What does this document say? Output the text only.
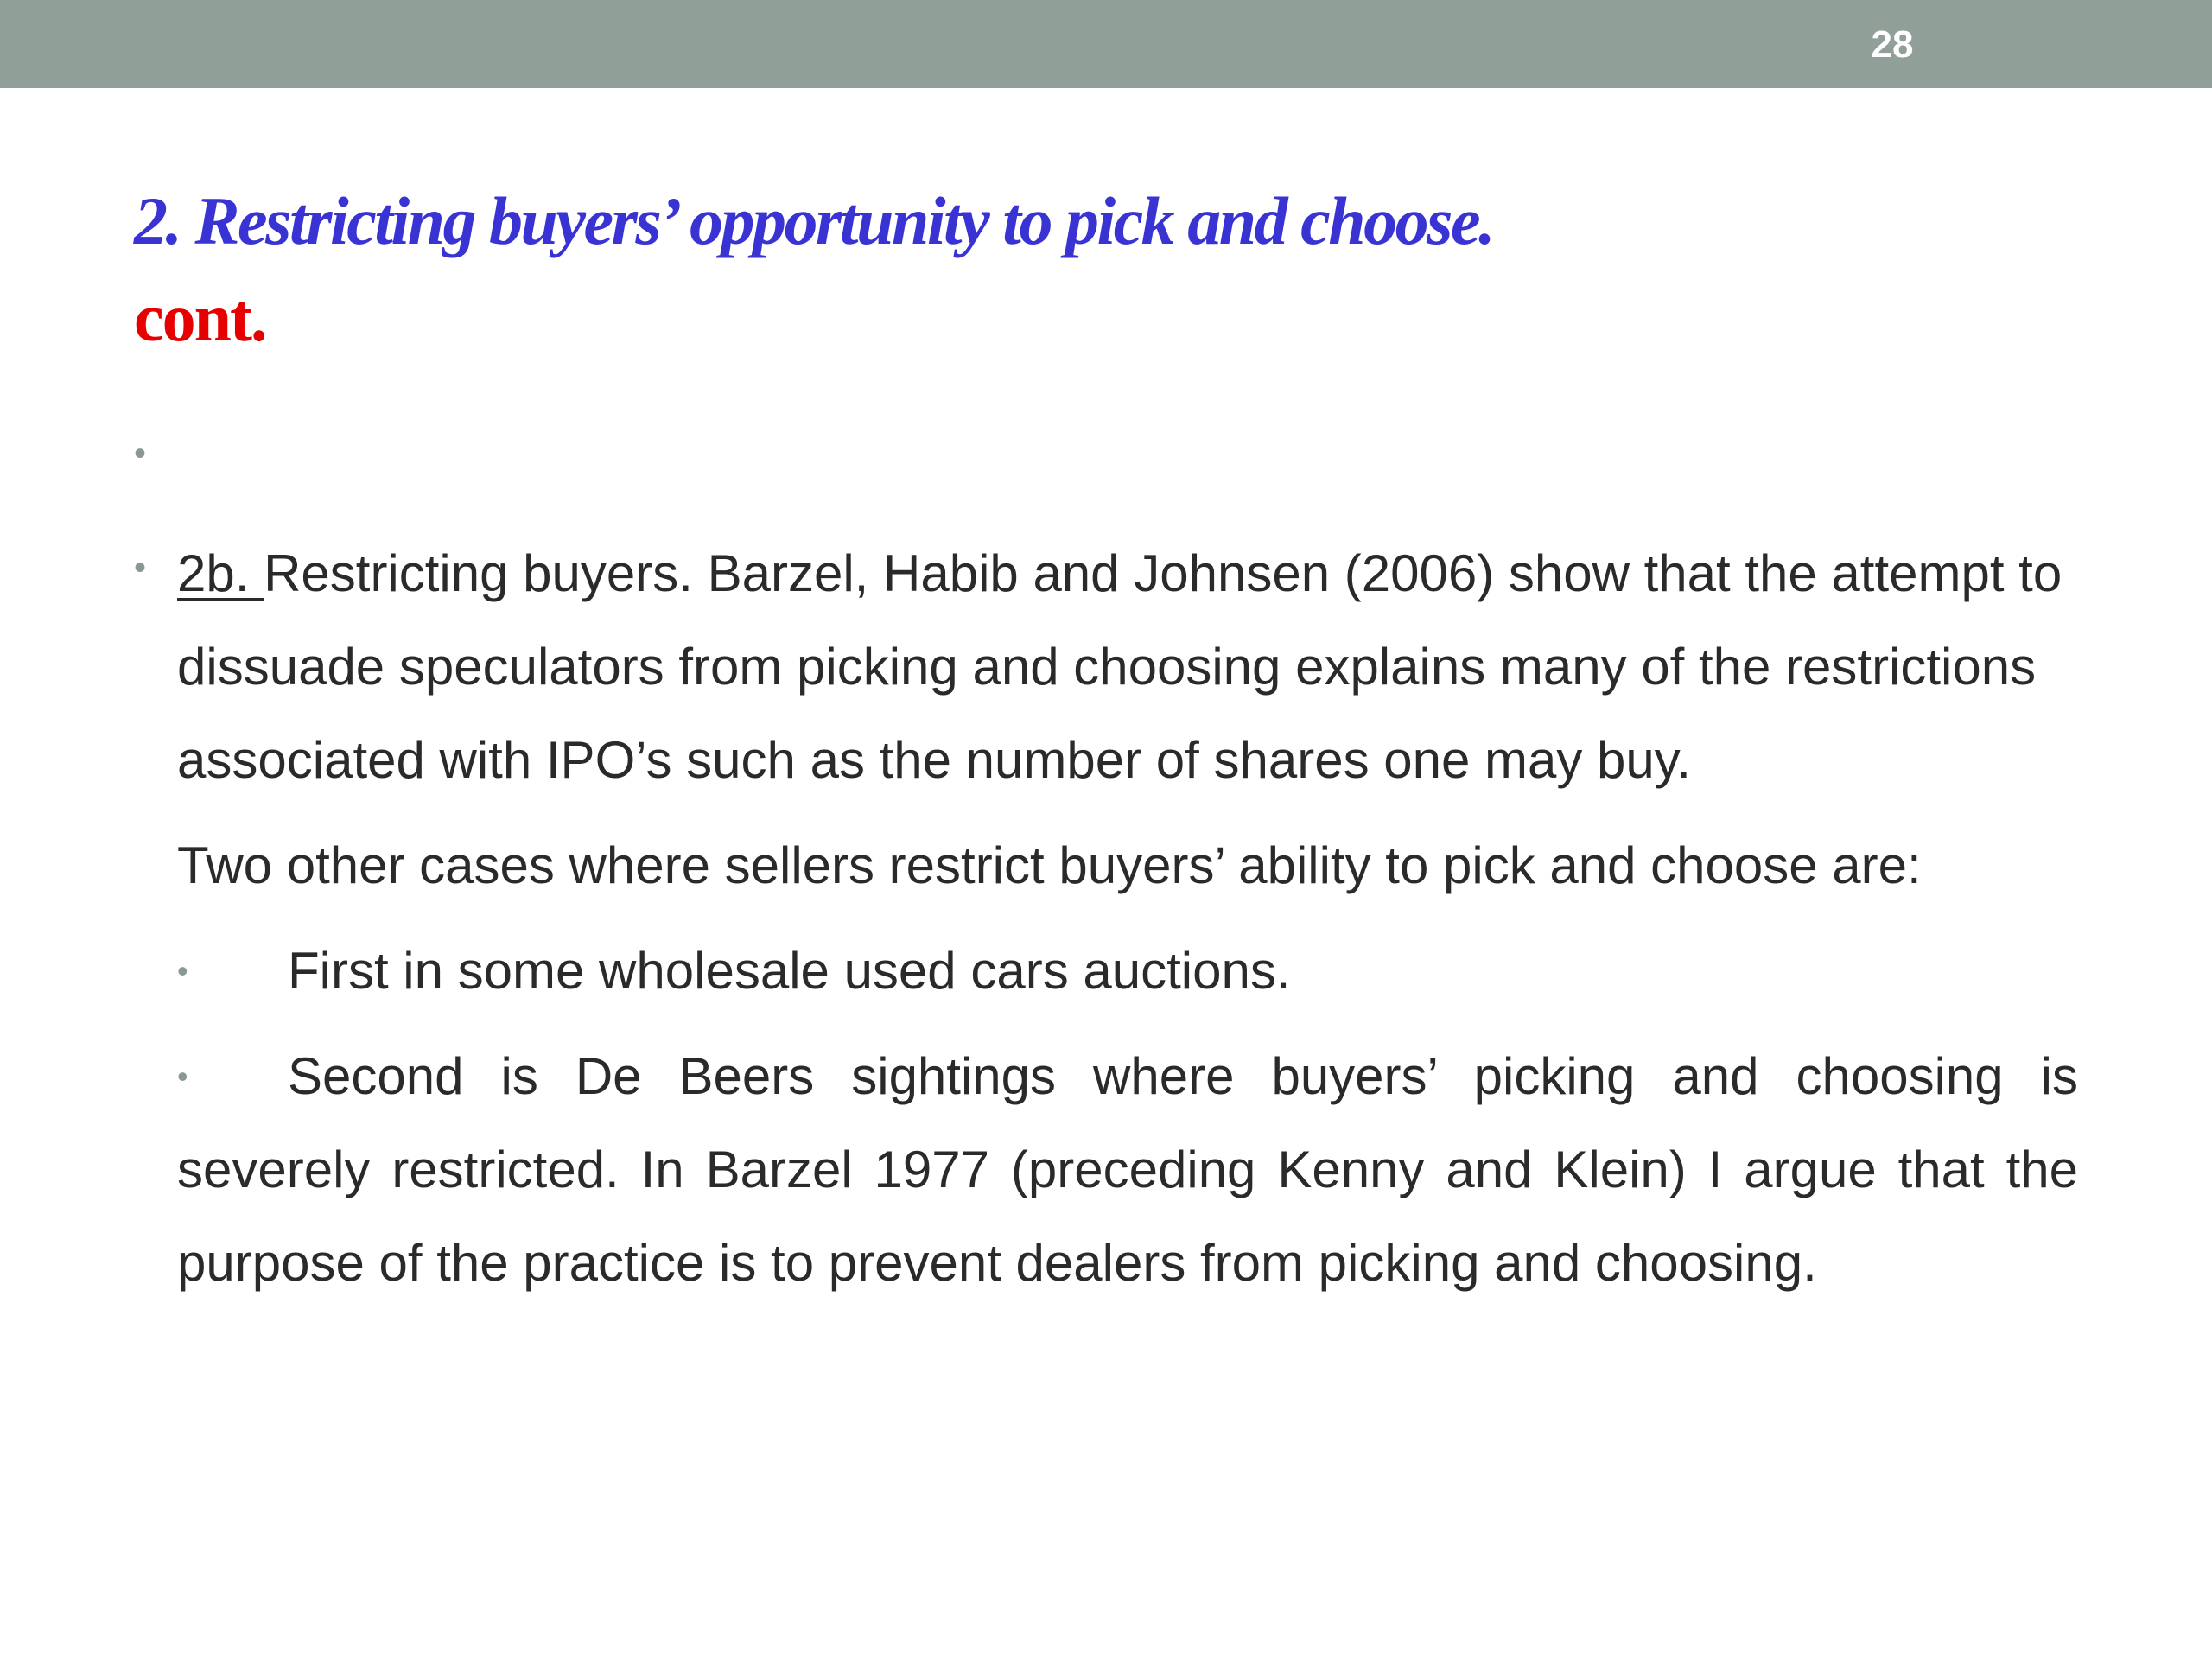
28
2. Restricting buyers’ opportunity to pick and choose.
cont.
•
• 2b. Restricting buyers. Barzel, Habib and Johnsen (2006) show that the attempt to dissuade speculators from picking and choosing explains many of the restrictions associated with IPO’s such as the number of shares one may buy.

Two other cases where sellers restrict buyers’ ability to pick and choose are:

• First in some wholesale used cars auctions.
•	Second is De Beers sightings where buyers’ picking and choosing is
severely restricted. In Barzel 1977 (preceding Kenny and Klein) I argue that the purpose of the practice is to prevent dealers from picking and choosing.
